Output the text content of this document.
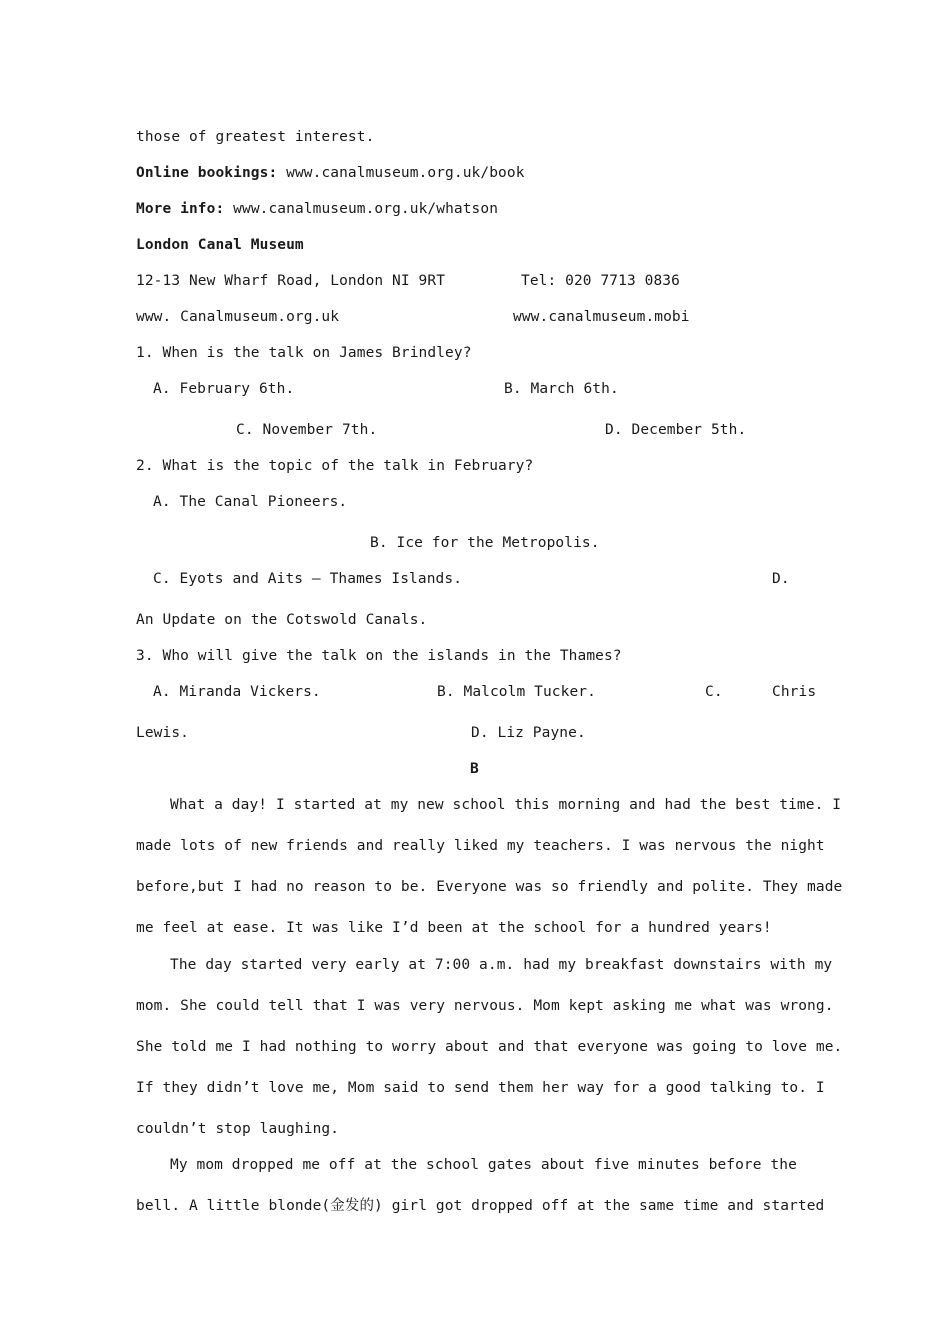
those of greatest interest.
Online bookings: www.canalmuseum.org.uk/book
More info: www.canalmuseum.org.uk/whatson
London Canal Museum
12-13 New Wharf Road, London NI 9RT	Tel: 020 7713 0836
www. Canalmuseum.org.uk	www.canalmuseum.mobi
1. When is the talk on James Brindley?
A. February 6th.	B. March 6th.
C. November 7th.	D. December 5th.
2. What is the topic of the talk in February?
A. The Canal Pioneers.
B. Ice for the Metropolis.
C. Eyots and Aits — Thames Islands.	D.
An Update on the Cotswold Canals.
3. Who will give the talk on the islands in the Thames?
A. Miranda Vickers.	B. Malcolm Tucker.	C.	Chris
Lewis.	D. Liz Payne.
B
What a day! I started at my new school this morning and had the best time. I
made lots of new friends and really liked my teachers. I was nervous the night
before,but I had no reason to be. Everyone was so friendly and polite. They made
me feel at ease. It was like I’d been at the school for a hundred years!
The day started very early at 7:00 a.m. had my breakfast downstairs with my
mom. She could tell that I was very nervous. Mom kept asking me what was wrong.
She told me I had nothing to worry about and that everyone was going to love me.
If they didn’t love me, Mom said to send them her way for a good talking to. I
couldn’t stop laughing.
My mom dropped me off at the school gates about five minutes before the
bell. A little blonde(金发的) girl got dropped off at the same time and started
